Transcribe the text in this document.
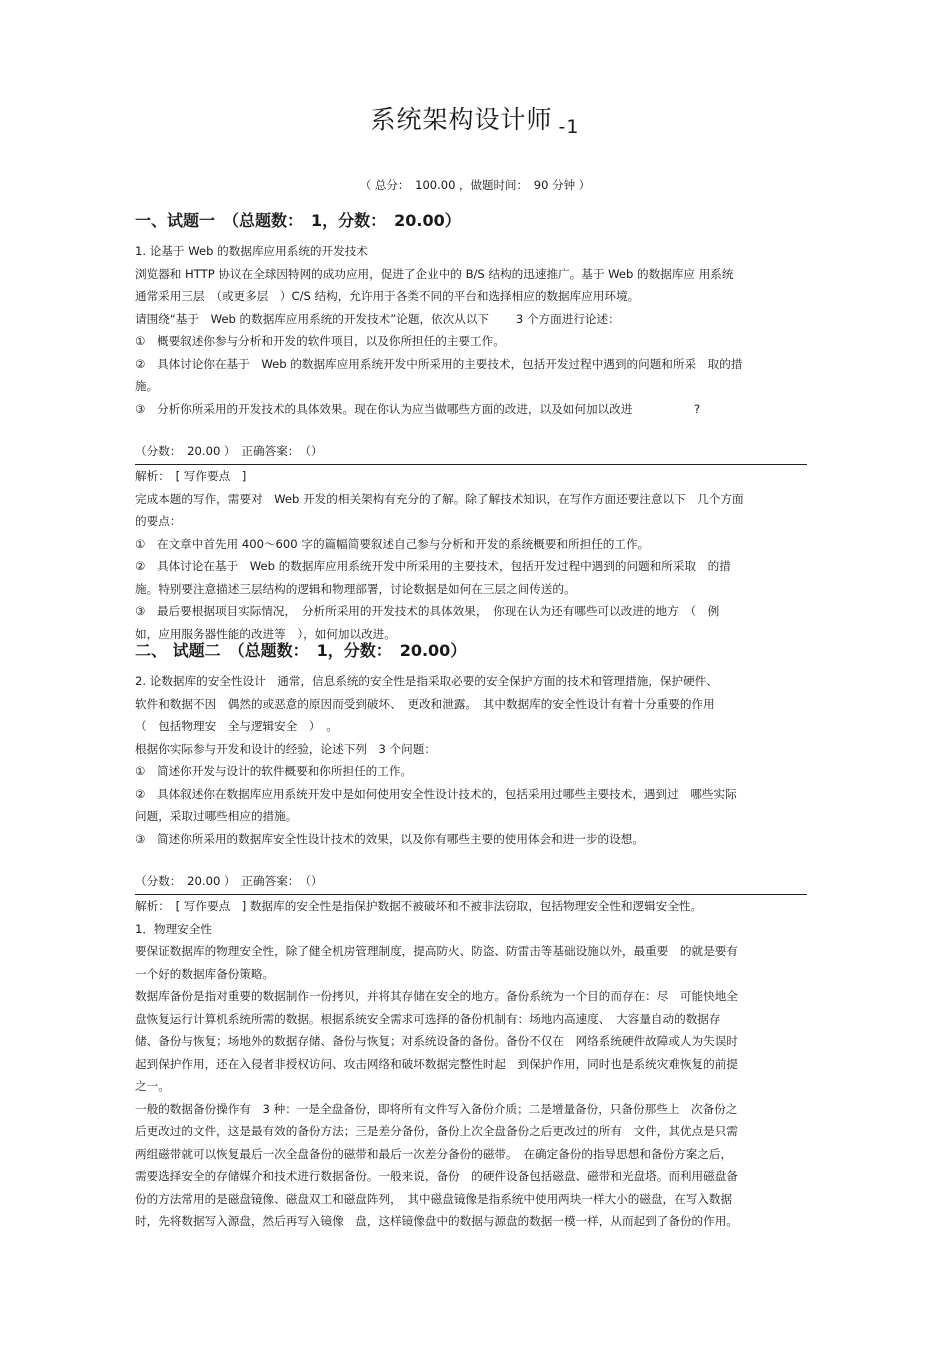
系统架构设计师 $_{-1}$
（ 总分：　100.00 ，做题时间：　90 分钟 ）
一、试题一　（总题数：　1，分数：　20.00）
1. 论基于 Web 的数据库应用系统的开发技术
浏览器和 HTTP 协议在全球因特网的成功应用，促进了企业中的 B/S 结构的迅速推广。基于 Web 的数据库应 用系统
通常采用三层　（或更多层　）C/S 结构，允许用于各类不同的平台和选择相应的数据库应用环境。
请围绕“基于　Web 的数据库应用系统的开发技术”论题，依次从以下　　 3 个方面进行论述：
①　概要叙述你参与分析和开发的软件项目，以及你所担任的主要工作。
②　具体讨论你在基于　Web 的数据库应用系统开发中所采用的主要技术，包括开发过程中遇到的问题和所采　取的措
施。
③　分析你所采用的开发技术的具体效果。现在你认为应当做哪些方面的改进，以及如何加以改进　　　　　 ?
（分数：　20.00 ）　正确答案：　（）
解析：　[ 写作要点　]
完成本题的写作，需要对　Web 开发的相关架构有充分的了解。除了解技术知识，在写作方面还要注意以下　几个方面
的要点：
①　在文章中首先用 400～600 字的篇幅简要叙述自己参与分析和开发的系统概要和所担任的工作。
②　具体讨论在基于　Web 的数据库应用系统开发中所采用的主要技术，包括开发过程中遇到的问题和所采取　的措
施。特别要注意描述三层结构的逻辑和物理部署，讨论数据是如何在三层之间传送的。
③　最后要根据项目实际情况，　分析所采用的开发技术的具体效果，　你现在认为还有哪些可以改进的地方　（　例
如，应用服务器性能的改进等　），如何加以改进。
二、 试题二　（总题数：　1，分数：　20.00）
2. 论数据库的安全性设计　通常，信息系统的安全性是指采取必要的安全保护方面的技术和管理措施，保护硬件、
软件和数据不因　偶然的或恶意的原因而受到破坏、　更改和泄露。　其中数据库的安全性设计有着十分重要的作用
（　包括物理安　全与逻辑安全　）　。
根据你实际参与开发和设计的经验，论述下列　3 个问题：
①　简述你开发与设计的软件概要和你所担任的工作。
②　具体叙述你在数据库应用系统开发中是如何使用安全性设计技术的，包括采用过哪些主要技术，遇到过　哪些实际
问题，采取过哪些相应的措施。
③　简述你所采用的数据库安全性设计技术的效果，以及你有哪些主要的使用体会和进一步的设想。
（分数：　20.00 ）　正确答案：　（）
解析：　[ 写作要点　] 数据库的安全性是指保护数据不被破坏和不被非法窃取，包括物理安全性和逻辑安全性。
1．物理安全性
要保证数据库的物理安全性，除了健全机房管理制度，提高防火、防盗、防雷击等基础设施以外，最重要　的就是要有
一个好的数据库备份策略。
数据库备份是指对重要的数据制作一份拷贝，并将其存储在安全的地方。备份系统为一个目的而存在：尽　可能快地全
盘恢复运行计算机系统所需的数据。根据系统安全需求可选择的备份机制有：场地内高速度、　大容量自动的数据存
储、备份与恢复；场地外的数据存储、备份与恢复；对系统设备的备份。备份不仅在　网络系统硬件故障或人为失误时
起到保护作用，还在入侵者非授权访问、攻击网络和破坏数据完整性时起　到保护作用，同时也是系统灾难恢复的前提
之一。
一般的数据备份操作有　3 种：一是全盘备份，即将所有文件写入备份介质；二是增量备份，只备份那些上　次备份之
后更改过的文件，这是最有效的备份方法；三是差分备份，备份上次全盘备份之后更改过的所有　文件，其优点是只需
两组磁带就可以恢复最后一次全盘备份的磁带和最后一次差分备份的磁带。　在确定备份的指导思想和备份方案之后，
需要选择安全的存储媒介和技术进行数据备份。一般来说，备份　的硬件设备包括磁盘、磁带和光盘塔。而利用磁盘备
份的方法常用的是磁盘镜像、磁盘双工和磁盘阵列，　其中磁盘镜像是指系统中使用两块一样大小的磁盘，在写入数据
时，先将数据写入源盘，然后再写入镜像　盘，这样镜像盘中的数据与源盘的数据一模一样，从而起到了备份的作用。
